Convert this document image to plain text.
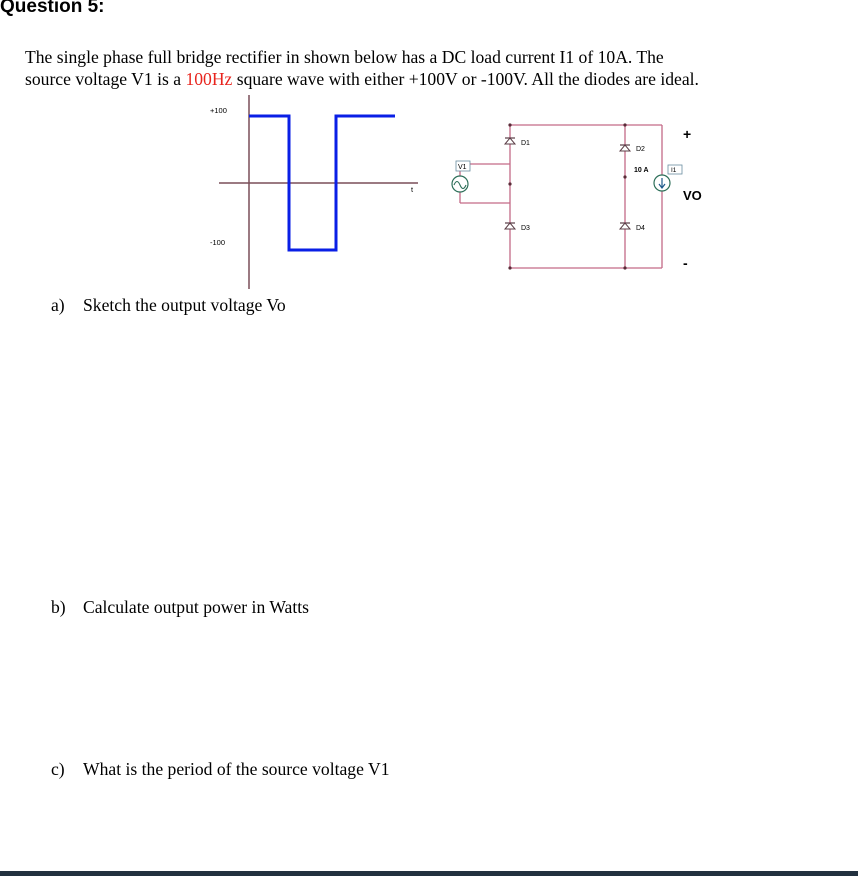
Question 5:

The single phase full bridge rectifier in shown below has a DC load current I1 of 10A. The
source voltage V1 is a 100Hz square wave with either +100V or -100V. All the diodes are ideal.

+100
-100
t
V1
D1
D2
D3	D4
10 A	I1
+
VO
-

a) Sketch the output voltage Vo

b) Calculate output power in Watts

c) What is the period of the source voltage V1
